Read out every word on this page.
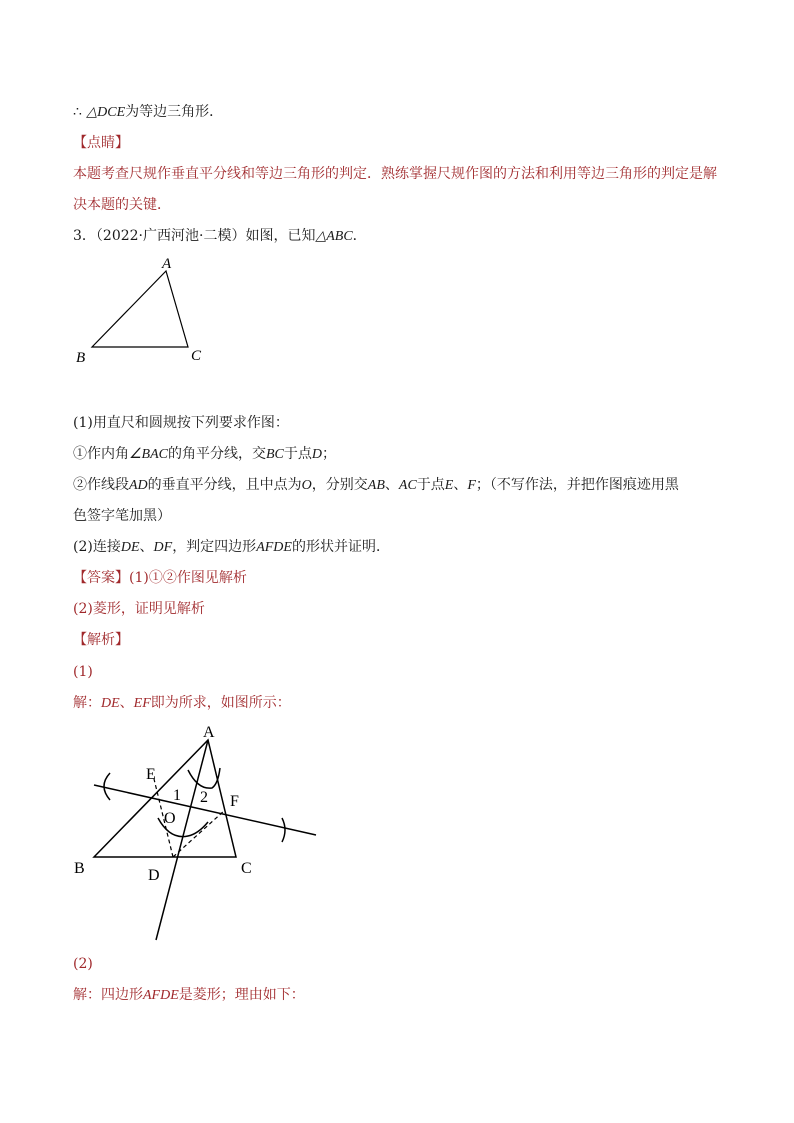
∴ △DCE为等边三角形．
【点睛】
本题考查尺规作垂直平分线和等边三角形的判定．熟练掌握尺规作图的方法和利用等边三角形的判定是解
决本题的关键．
3．（2022·广西河池·二模）如图，已知△ABC．
A
B	C
(1)用直尺和圆规按下列要求作图：
①作内角∠BAC的角平分线，交BC于点D；
②作线段AD的垂直平分线，且中点为O，分别交AB、AC于点E、F；（不写作法，并把作图痕迹用黑
色签字笔加黑）
(2)连接DE、DF，判定四边形AFDE的形状并证明．
【答案】(1)①②作图见解析
(2)菱形，证明见解析
【解析】
(1)
解：DE、EF即为所求，如图所示：
A
B	C
D
E
F
O
1 2
(2)
解：四边形AFDE是菱形；理由如下：
